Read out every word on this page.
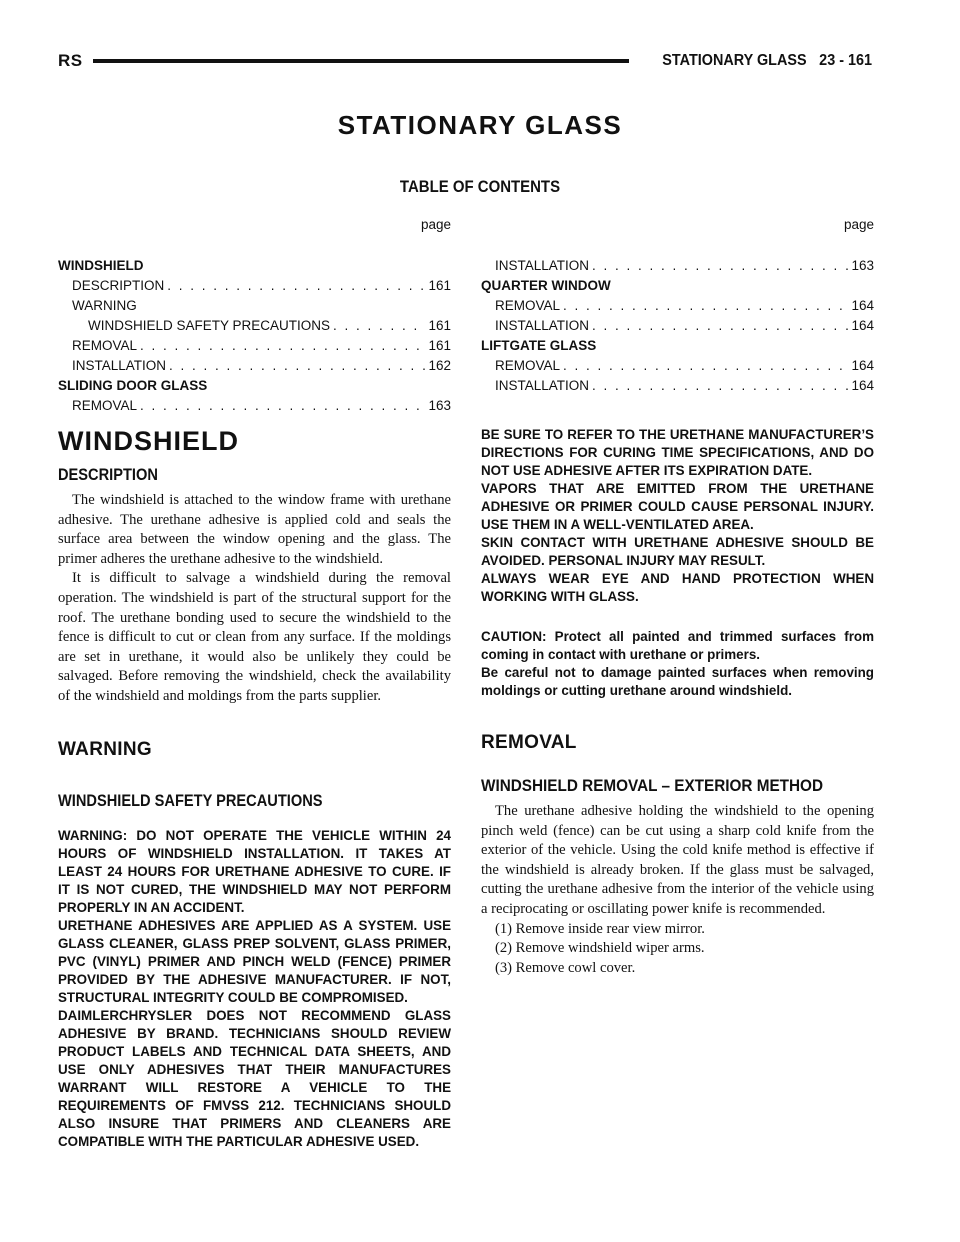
RS	STATIONARY GLASS 23 - 161
STATIONARY GLASS
TABLE OF CONTENTS
page
WINDSHIELD
DESCRIPTION . . .	161
WARNING
WINDSHIELD SAFETY PRECAUTIONS . . .	161
REMOVAL . . .	161
INSTALLATION . . .	162
SLIDING DOOR GLASS
REMOVAL . . .	163
page
INSTALLATION . . .	163
QUARTER WINDOW
REMOVAL . . .	164
INSTALLATION . . .	164
LIFTGATE GLASS
REMOVAL . . .	164
INSTALLATION . . .	164
WINDSHIELD
DESCRIPTION

The windshield is attached to the window frame with urethane adhesive. The urethane adhesive is applied cold and seals the surface area between the window opening and the glass. The primer adheres the urethane adhesive to the windshield.

It is difficult to salvage a windshield during the removal operation. The windshield is part of the structural support for the roof. The urethane bonding used to secure the windshield to the fence is difficult to cut or clean from any surface. If the moldings are set in urethane, it would also be unlikely they could be salvaged. Before removing the windshield, check the availability of the windshield and moldings from the parts supplier.

WARNING
WINDSHIELD SAFETY PRECAUTIONS

WARNING: DO NOT OPERATE THE VEHICLE WITHIN 24 HOURS OF WINDSHIELD INSTALLATION. IT TAKES AT LEAST 24 HOURS FOR URETHANE ADHESIVE TO CURE. IF IT IS NOT CURED, THE WINDSHIELD MAY NOT PERFORM PROPERLY IN AN ACCIDENT.

URETHANE ADHESIVES ARE APPLIED AS A SYSTEM. USE GLASS CLEANER, GLASS PREP SOLVENT, GLASS PRIMER, PVC (VINYL) PRIMER AND PINCH WELD (FENCE) PRIMER PROVIDED BY THE ADHESIVE MANUFACTURER. IF NOT, STRUCTURAL INTEGRITY COULD BE COMPROMISED.

DAIMLERCHRYSLER DOES NOT RECOMMEND GLASS ADHESIVE BY BRAND. TECHNICIANS SHOULD REVIEW PRODUCT LABELS AND TECHNICAL DATA SHEETS, AND USE ONLY ADHESIVES THAT THEIR MANUFACTURES WARRANT WILL RESTORE A VEHICLE TO THE REQUIREMENTS OF FMVSS 212. TECHNICIANS SHOULD ALSO INSURE THAT PRIMERS AND CLEANERS ARE COMPATIBLE WITH THE PARTICULAR ADHESIVE USED.

BE SURE TO REFER TO THE URETHANE MANUFACTURER’S DIRECTIONS FOR CURING TIME SPECIFICATIONS, AND DO NOT USE ADHESIVE AFTER ITS EXPIRATION DATE.

VAPORS THAT ARE EMITTED FROM THE URETHANE ADHESIVE OR PRIMER COULD CAUSE PERSONAL INJURY. USE THEM IN A WELL-VENTILATED AREA.

SKIN CONTACT WITH URETHANE ADHESIVE SHOULD BE AVOIDED. PERSONAL INJURY MAY RESULT.

ALWAYS WEAR EYE AND HAND PROTECTION WHEN WORKING WITH GLASS.

CAUTION: Protect all painted and trimmed surfaces from coming in contact with urethane or primers.

Be careful not to damage painted surfaces when removing moldings or cutting urethane around windshield.

REMOVAL
WINDSHIELD REMOVAL – EXTERIOR METHOD

The urethane adhesive holding the windshield to the opening pinch weld (fence) can be cut using a sharp cold knife from the exterior of the vehicle. Using the cold knife method is effective if the windshield is already broken. If the glass must be salvaged, cutting the urethane adhesive from the interior of the vehicle using a reciprocating or oscillating power knife is recommended.

(1) Remove inside rear view mirror.

(2) Remove windshield wiper arms.

(3) Remove cowl cover.
